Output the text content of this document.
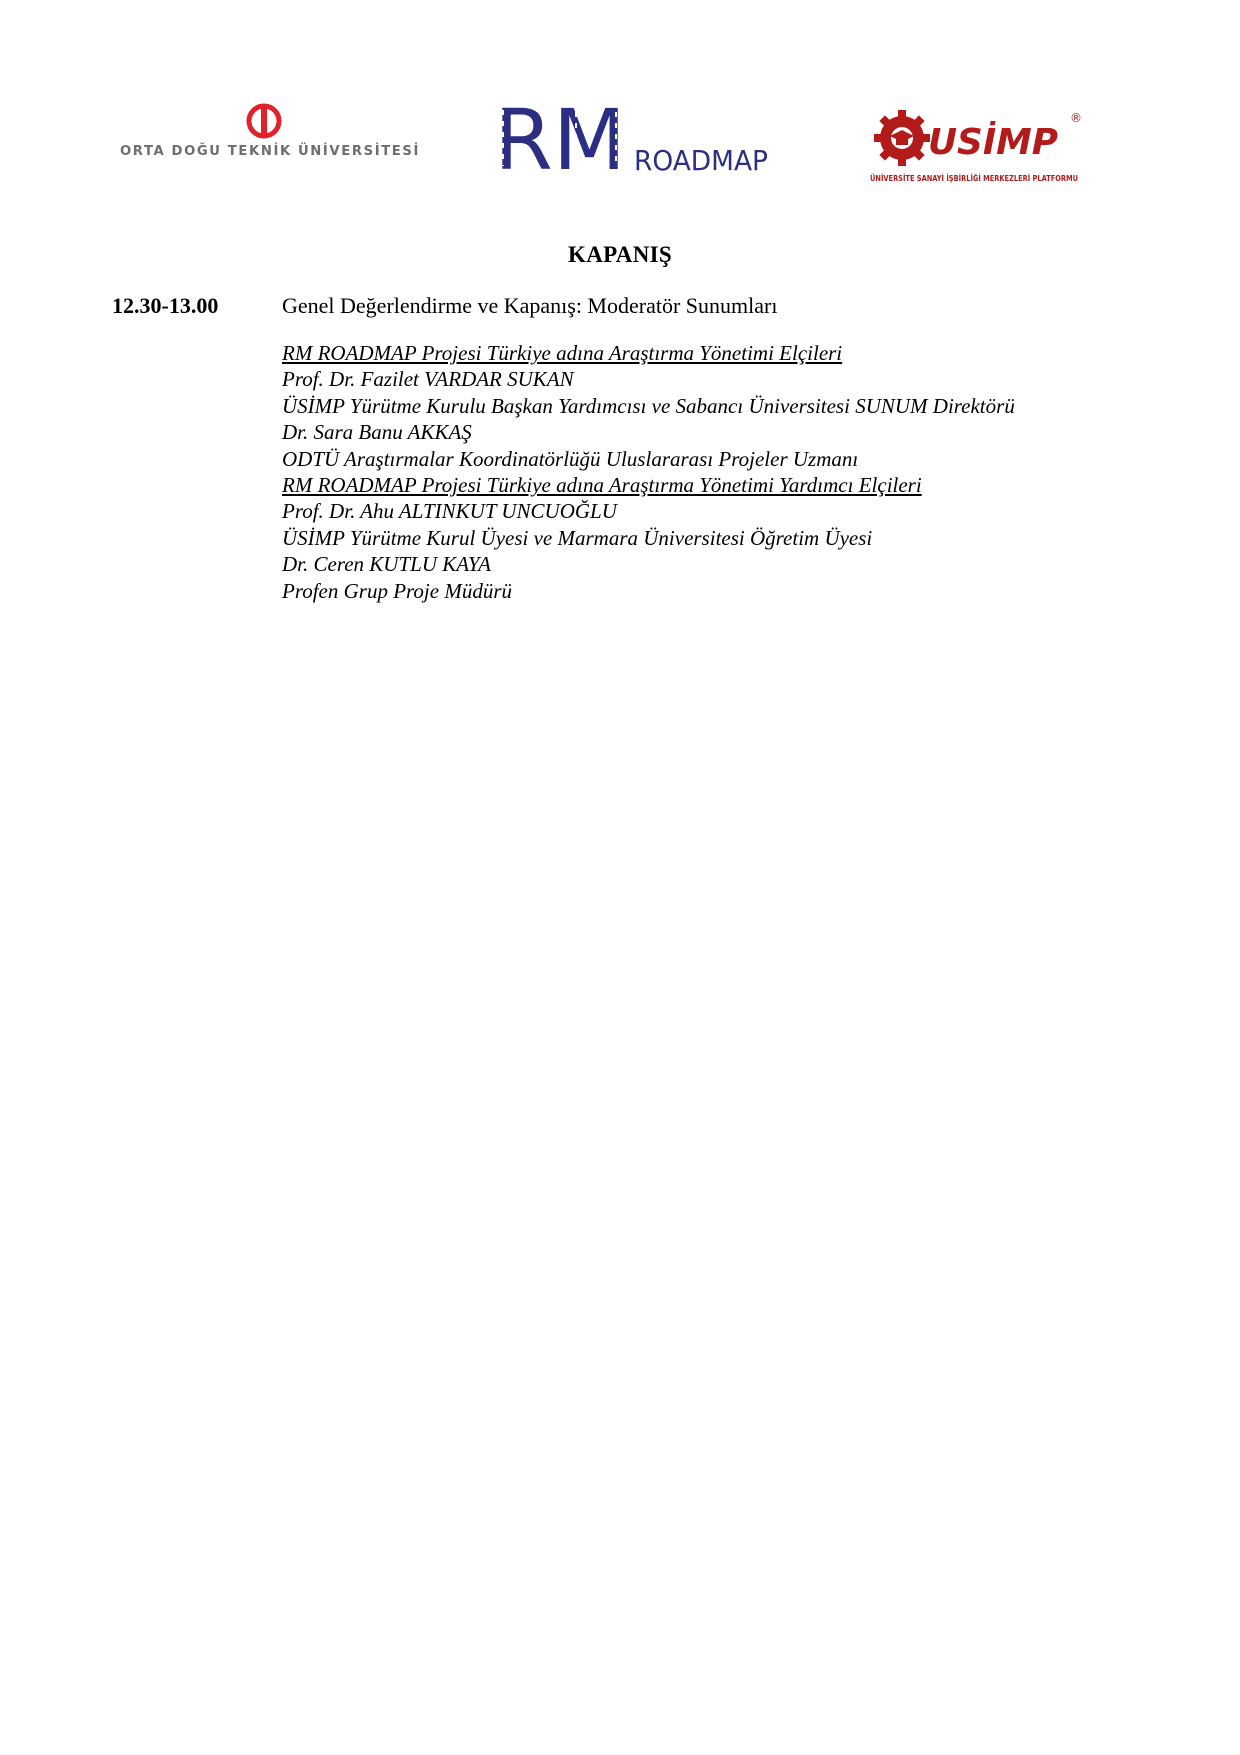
ORTA DOĞU TEKNİK ÜNİVERSİTESİ RM ROADMAP	USİMP
®
ÜNİVERSİTE SANAYİ İŞBİRLİĞİ MERKEZLERİ PLATFORMU
KAPANIŞ
12.30-13.00	Genel Değerlendirme ve Kapanış: Moderatör Sunumları
RM ROADMAP Projesi Türkiye adına Araştırma Yönetimi Elçileri
Prof. Dr. Fazilet VARDAR SUKAN
ÜSİMP Yürütme Kurulu Başkan Yardımcısı ve Sabancı Üniversitesi SUNUM Direktörü
Dr. Sara Banu AKKAŞ
ODTÜ Araştırmalar Koordinatörlüğü Uluslararası Projeler Uzmanı
RM ROADMAP Projesi Türkiye adına Araştırma Yönetimi Yardımcı Elçileri
Prof. Dr. Ahu ALTINKUT UNCUOĞLU
ÜSİMP Yürütme Kurul Üyesi ve Marmara Üniversitesi Öğretim Üyesi
Dr. Ceren KUTLU KAYA
Profen Grup Proje Müdürü
